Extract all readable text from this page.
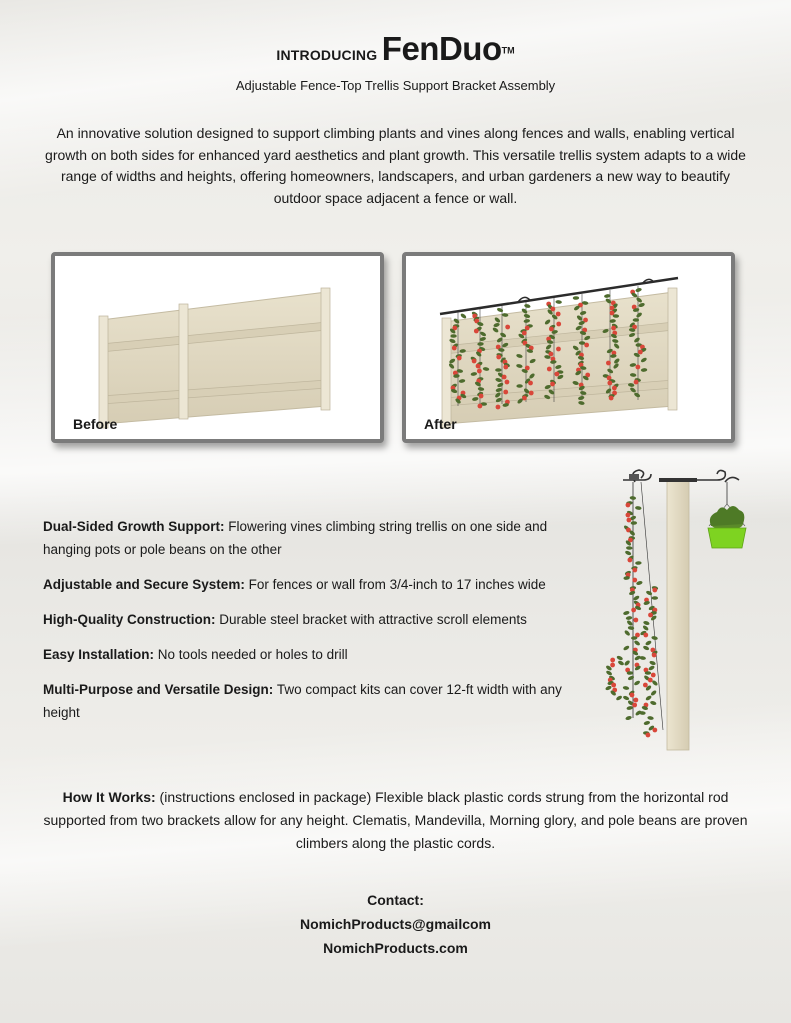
INTRODUCING FenDuo™
Adjustable Fence-Top Trellis Support Bracket Assembly
An innovative solution designed to support climbing plants and vines along fences and walls, enabling vertical growth on both sides for enhanced yard aesthetics and plant growth. This versatile trellis system adapts to a wide range of widths and heights, offering homeowners, landscapers, and urban gardeners a new way to beautify outdoor space adjacent a fence or wall.
Before	After
Dual-Sided Growth Support: Flowering vines climbing string trellis on one side and hanging pots or pole beans on the other
Adjustable and Secure System: For fences or wall from 3/4-inch to 17 inches wide
High-Quality Construction: Durable steel bracket with attractive scroll elements
Easy Installation: No tools needed or holes to drill
Multi-Purpose and Versatile Design: Two compact kits can cover 12-ft width with any height
How It Works: (instructions enclosed in package) Flexible black plastic cords strung from the horizontal rod supported from two brackets allow for any height. Clematis, Mandevilla, Morning glory, and pole beans are proven climbers along the plastic cords.
Contact:
NomichProducts@gmailcom
NomichProducts.com
